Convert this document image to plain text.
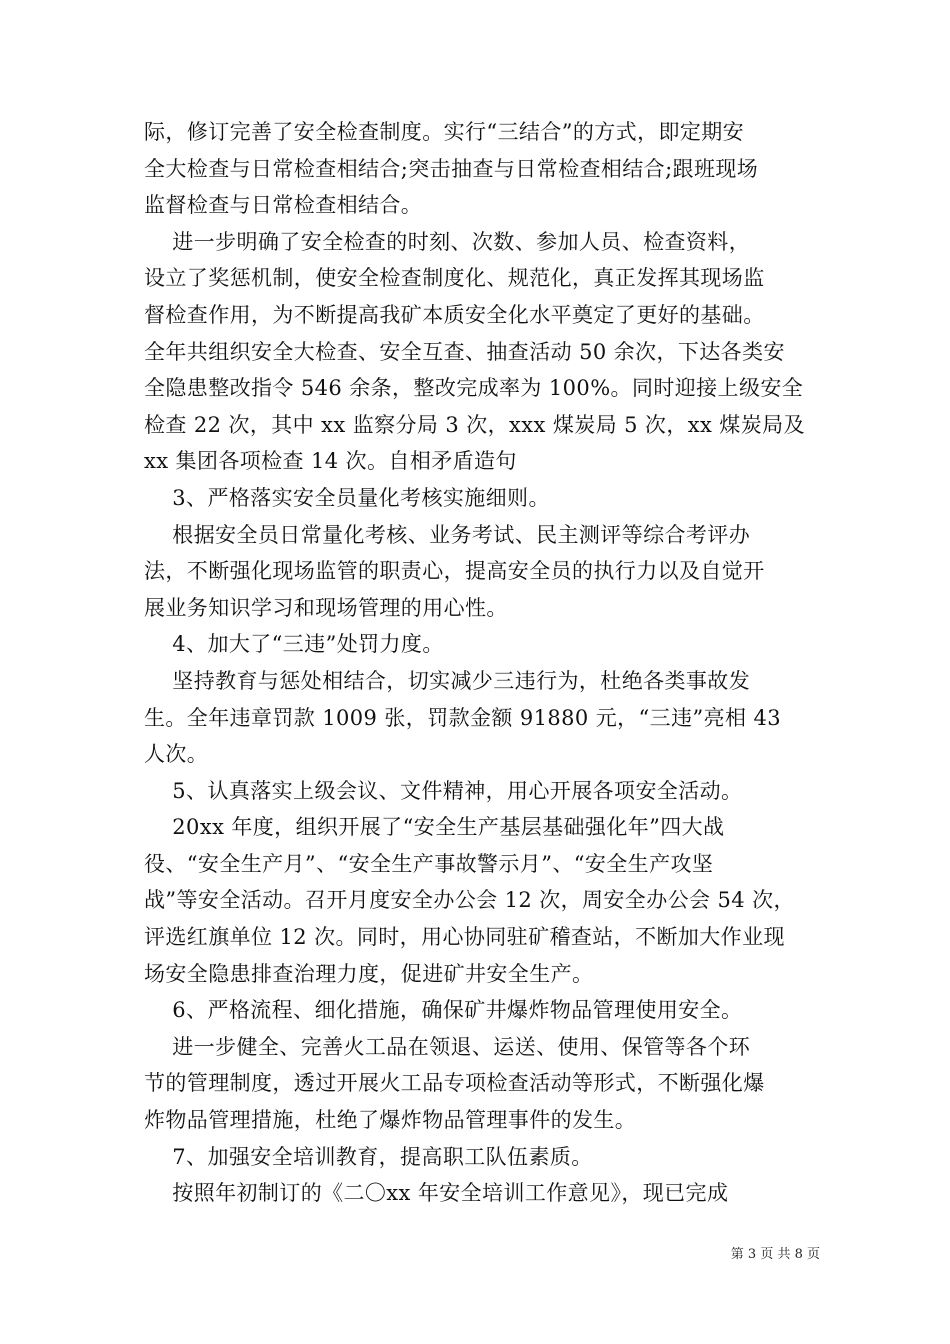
际，修订完善了安全检查制度。实行“三结合”的方式，即定期安
全大检查与日常检查相结合;突击抽查与日常检查相结合;跟班现场
监督检查与日常检查相结合。
进一步明确了安全检查的时刻、次数、参加人员、检查资料，
设立了奖惩机制，使安全检查制度化、规范化，真正发挥其现场监
督检查作用，为不断提高我矿本质安全化水平奠定了更好的基础。
全年共组织安全大检查、安全互查、抽查活动 50 余次，下达各类安
全隐患整改指令 546 余条，整改完成率为 100%。同时迎接上级安全
检查 22 次，其中 xx 监察分局 3 次，xxx 煤炭局 5 次，xx 煤炭局及
xx 集团各项检查 14 次。自相矛盾造句
3、严格落实安全员量化考核实施细则。
根据安全员日常量化考核、业务考试、民主测评等综合考评办
法，不断强化现场监管的职责心，提高安全员的执行力以及自觉开
展业务知识学习和现场管理的用心性。
4、加大了“三违”处罚力度。
坚持教育与惩处相结合，切实减少三违行为，杜绝各类事故发
生。全年违章罚款 1009 张，罚款金额 91880 元，“三违”亮相 43
人次。
5、认真落实上级会议、文件精神，用心开展各项安全活动。
20xx 年度，组织开展了“安全生产基层基础强化年”四大战
役、“安全生产月”、“安全生产事故警示月”、“安全生产攻坚
战”等安全活动。召开月度安全办公会 12 次，周安全办公会 54 次，
评选红旗单位 12 次。同时，用心协同驻矿稽查站，不断加大作业现
场安全隐患排查治理力度，促进矿井安全生产。
6、严格流程、细化措施，确保矿井爆炸物品管理使用安全。
进一步健全、完善火工品在领退、运送、使用、保管等各个环
节的管理制度，透过开展火工品专项检查活动等形式，不断强化爆
炸物品管理措施，杜绝了爆炸物品管理事件的发生。
7、加强安全培训教育，提高职工队伍素质。
按照年初制订的《二〇xx 年安全培训工作意见》，现已完成
第 3 页 共 8 页
